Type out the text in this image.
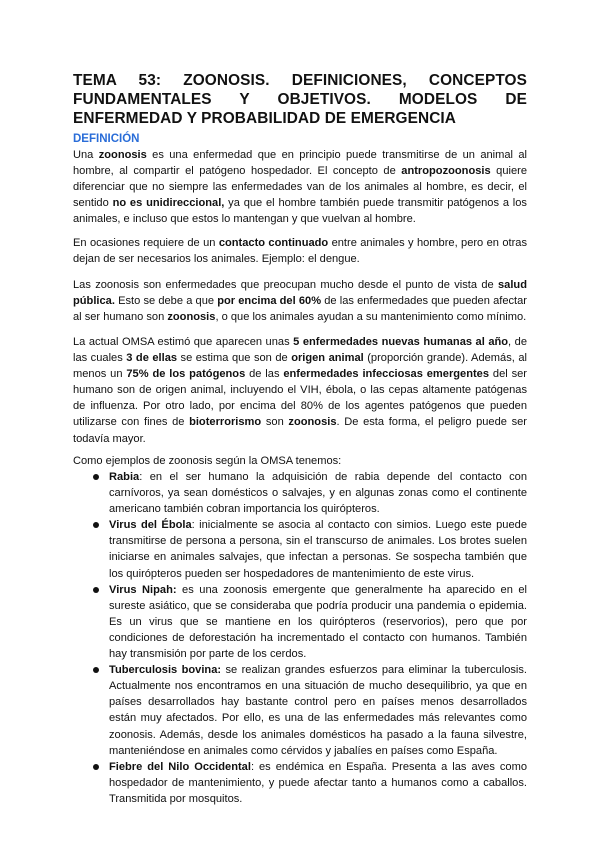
TEMA 53: ZOONOSIS. DEFINICIONES, CONCEPTOS FUNDAMENTALES Y OBJETIVOS. MODELOS DE ENFERMEDAD Y PROBABILIDAD DE EMERGENCIA
DEFINICIÓN

Una zoonosis es una enfermedad que en principio puede transmitirse de un animal al hombre, al compartir el patógeno hospedador. El concepto de antropozoonosis quiere diferenciar que no siempre las enfermedades van de los animales al hombre, es decir, el sentido no es unidireccional, ya que el hombre también puede transmitir patógenos a los animales, e incluso que estos lo mantengan y que vuelvan al hombre.

En ocasiones requiere de un contacto continuado entre animales y hombre, pero en otras dejan de ser necesarios los animales. Ejemplo: el dengue.

Las zoonosis son enfermedades que preocupan mucho desde el punto de vista de salud pública. Esto se debe a que por encima del 60% de las enfermedades que pueden afectar al ser humano son zoonosis, o que los animales ayudan a su mantenimiento como mínimo.

La actual OMSA estimó que aparecen unas 5 enfermedades nuevas humanas al año, de las cuales 3 de ellas se estima que son de origen animal (proporción grande). Además, al menos un 75% de los patógenos de las enfermedades infecciosas emergentes del ser humano son de origen animal, incluyendo el VIH, ébola, o las cepas altamente patógenas de influenza. Por otro lado, por encima del 80% de los agentes patógenos que pueden utilizarse con fines de bioterrorismo son zoonosis. De esta forma, el peligro puede ser todavía mayor.

Como ejemplos de zoonosis según la OMSA tenemos:

Rabia: en el ser humano la adquisición de rabia depende del contacto con carnívoros, ya sean domésticos o salvajes, y en algunas zonas como el continente americano también cobran importancia los quirópteros.
Virus del Ébola: inicialmente se asocia al contacto con simios. Luego este puede transmitirse de persona a persona, sin el transcurso de animales. Los brotes suelen iniciarse en animales salvajes, que infectan a personas. Se sospecha también que los quirópteros pueden ser hospedadores de mantenimiento de este virus.
Virus Nipah: es una zoonosis emergente que generalmente ha aparecido en el sureste asiático, que se consideraba que podría producir una pandemia o epidemia. Es un virus que se mantiene en los quirópteros (reservorios), pero que por condiciones de deforestación ha incrementado el contacto con humanos. También hay transmisión por parte de los cerdos.
Tuberculosis bovina: se realizan grandes esfuerzos para eliminar la tuberculosis. Actualmente nos encontramos en una situación de mucho desequilibrio, ya que en países desarrollados hay bastante control pero en países menos desarrollados están muy afectados. Por ello, es una de las enfermedades más relevantes como zoonosis. Además, desde los animales domésticos ha pasado a la fauna silvestre, manteniéndose en animales como cérvidos y jabalíes en países como España.
Fiebre del Nilo Occidental: es endémica en España. Presenta a las aves como hospedador de mantenimiento, y puede afectar tanto a humanos como a caballos. Transmitida por mosquitos.
